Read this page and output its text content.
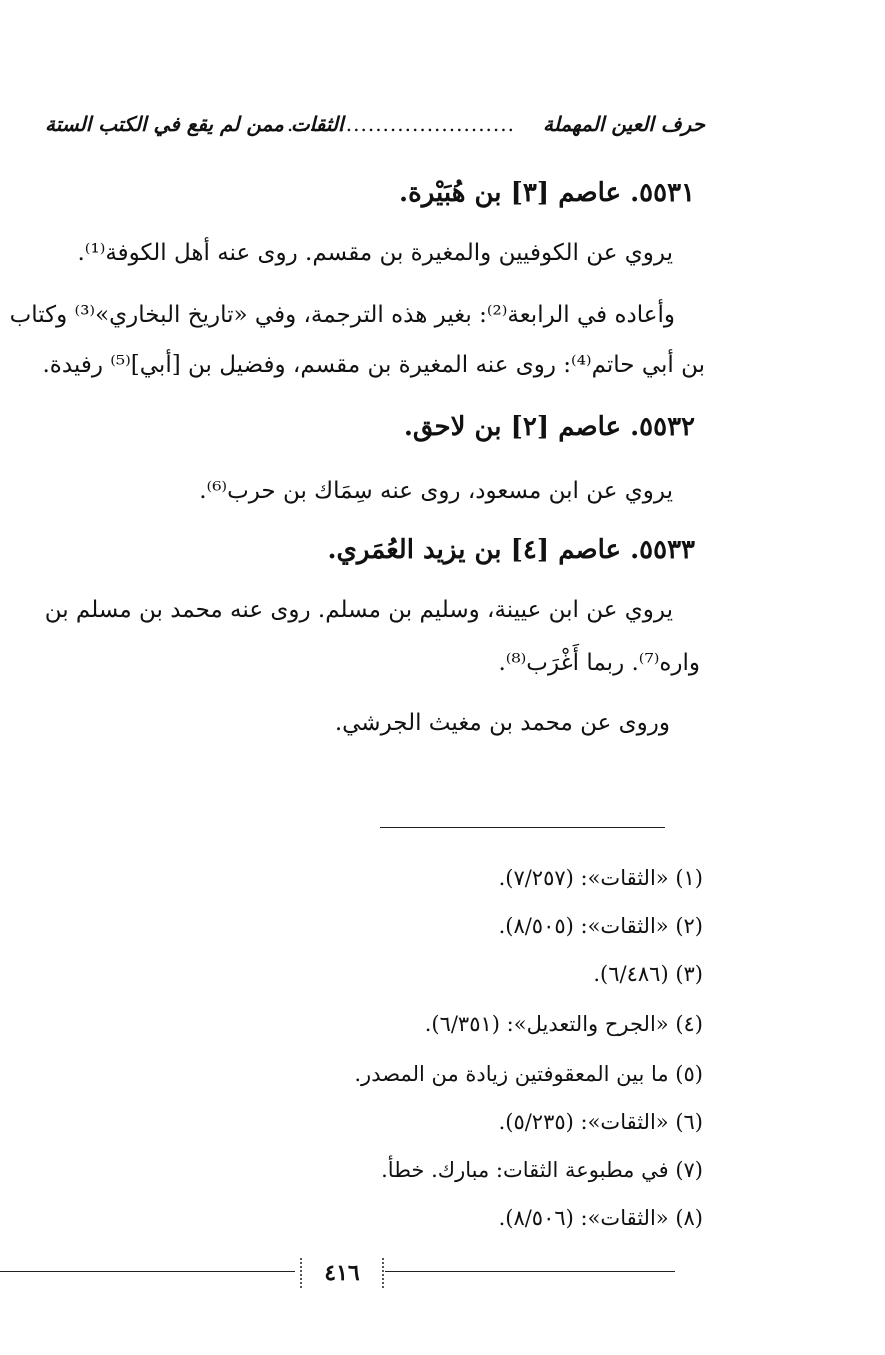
حرف العين المهملة
...............................
الثقات ممن لم يقع في الكتب الستة
٥٥٣١. عاصم [٣] بن هُبَيْرة.
يروي عن الكوفيين والمغيرة بن مقسم. روى عنه أهل الكوفة⁽¹⁾.
وأعاده في الرابعة⁽²⁾: بغير هذه الترجمة، وفي «تاريخ البخاري»⁽³⁾ وكتاب
بن أبي حاتم⁽⁴⁾: روى عنه المغيرة بن مقسم، وفضيل بن [أبي]⁽⁵⁾ رفيدة.
٥٥٣٢. عاصم [٢] بن لاحق.
يروي عن ابن مسعود، روى عنه سِمَاك بن حرب⁽⁶⁾.
٥٥٣٣. عاصم [٤] بن يزيد العُمَري.
يروي عن ابن عيينة، وسليم بن مسلم. روى عنه محمد بن مسلم بن
واره⁽⁷⁾. ربما أَغْرَب⁽⁸⁾.
وروى عن محمد بن مغيث الجرشي.
(١) «الثقات»: (٧/٢٥٧).
(٢) «الثقات»: (٨/٥٠٥).
(٣) (٦/٤٨٦).
(٤) «الجرح والتعديل»: (٦/٣٥١).
(٥) ما بين المعقوفتين زيادة من المصدر.
(٦) «الثقات»: (٥/٢٣٥).
(٧) في مطبوعة الثقات: مبارك. خطأ.
(٨) «الثقات»: (٨/٥٠٦).
٤١٦
